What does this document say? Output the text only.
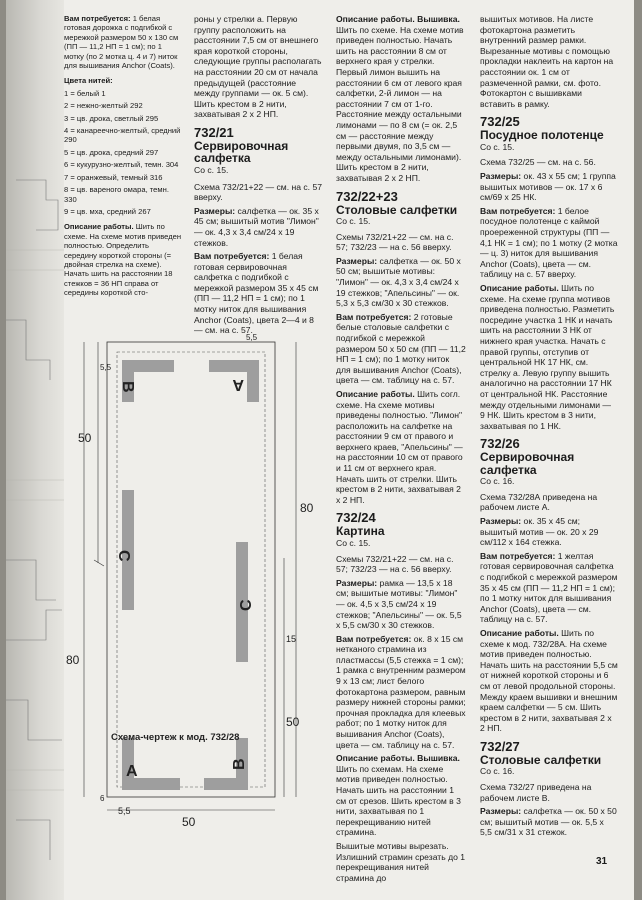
Вам потребуется: 1 белая готовая дорожка с подгибкой с мережкой размером 50 х 130 см (ПП — 11,2 НП = 1 см); по 1 мотку (по 2 мотка ц. 4 и 7) ниток для вышивания Anchor (Coats).

Цвета нитей:

1 = белый 1

2 = нежно-желтый 292

3 = цв. дрока, светлый 295

4 = канареечно-желтый, средний 290

5 = цв. дрока, средний 297

6 = кукурузно-желтый, темн. 304

7 = оранжевый, темный 316

8 = цв. вареного омара, темн. 330

9 = цв. мха, средний 267

Описание работы. Шить по схеме. На схеме мотив приведен полностью. Определить середину короткой стороны (= двойная стрелка на схеме). Начать шить на расстоянии 18 стежков = 36 НП справа от середины короткой сто-

роны у стрелки а. Первую группу расположить на расстоянии 7,5 см от внешнего края короткой стороны, следующие группы располагать на расстоянии 20 см от начала предыдущей (расстояние между группами — ок. 5 см). Шить крестом в 2 нити, захватывая 2 х 2 НП.

732/21
Сервировочная салфетка

Со с. 15.

Схема 732/21+22 — см. на с. 57 вверху.

Размеры: салфетка — ок. 35 х 45 см; вышитый мотив "Лимон" — ок. 4,3 х 3,4 см/24 х 19 стежков.

Вам потребуется: 1 белая готовая сервировочная салфетка с подгибкой с мережкой размером 35 х 45 см (ПП — 11,2 НП = 1 см); по 1 мотку ниток для вышивания Anchor (Coats), цвета 2—4 и 8 — см. на с. 57.

Описание работы. Вышивка. Шить по схеме. На схеме мотив приведен полностью. Начать шить на расстоянии 8 см от верхнего края у стрелки. Первый лимон вышить на расстоянии 6 см от левого края салфетки, 2-й лимон — на расстоянии 7 см от 1-го. Расстояние между остальными лимонами — по 8 см (= ок. 2,5 см — расстояние между первыми двумя, по 3,5 см — между остальными лимонами). Шить крестом в 2 нити, захватывая 2 х 2 НП.

732/22+23
Столовые салфетки

Со с. 15.

Схемы 732/21+22 — см. на с. 57; 732/23 — на с. 56 вверху.

Размеры: салфетка — ок. 50 х 50 см; вышитые мотивы: "Лимон" — ок. 4,3 х 3,4 см/24 х 19 стежков; "Апельсины" — ок. 5,3 х 5,3 см/30 х 30 стежков.

Вам потребуется: 2 готовые белые столовые салфетки с подгибкой с мережкой размером 50 х 50 см (ПП — 11,2 НП = 1 см); по 1 мотку ниток для вышивания Anchor (Coats), цвета — см. таблицу на с. 57.

Описание работы. Шить согл. схеме. На схеме мотивы приведены полностью. "Лимон" расположить на салфетке на расстоянии 9 см от правого и верхнего краев, "Апельсины" — на расстоянии 10 см от правого и 11 см от верхнего края. Начать шить от стрелки. Шить крестом в 2 нити, захватывая 2 х 2 НП.

732/24
Картина

Со с. 15.

Схемы 732/21+22 — см. на с. 57; 732/23 — на с. 56 вверху.

Размеры: рамка — 13,5 х 18 см; вышитые мотивы: "Лимон" — ок. 4,5 х 3,5 см/24 х 19 стежков; "Апельсины" — ок. 5,5 х 5,5 см/30 х 30 стежков.

Вам потребуется: ок. 8 х 15 см неткaного стрaмина из пластмассы (5,5 стежка = 1 см); 1 рамка с внутренним размером 9 х 13 см; лист белого фотокартона размером, равным размеру нижней стороны рамки; прочная прокладка для клеевых работ; по 1 мотку ниток для вышивания Anchor (Coats), цвета — см. таблицу на с. 57.

Описание работы. Вышивка. Шить по схемам. На схеме мотив приведен полностью. Начать шить на расстоянии 1 см от срезов. Шить крестом в 3 нити, захватывая по 1 перекрещиванию нитей страмина.

Вышитые мотивы вырезать. Излишний страмин срезать до 1 перекрещивания нитей страмина до

вышитых мотивов. На листе фотокартона разметить внутренний размер рамки. Вырезанные мотивы с помощью прокладки наклеить на картон на расстоянии ок. 1 см от размеченной рамки, см. фото. Фотокартон с вышивками вставить в рамку.

732/25
Посудное полотенце

Со с. 15.

Схема 732/25 — см. на с. 56.

Размеры: ок. 43 х 55 см; 1 группа вышитых мотивов — ок. 17 х 6 см/69 х 25 НК.

Вам потребуется: 1 белое посудное полотенце с каймой проереженной структуры (ПП — 4,1 НК = 1 см); по 1 мотку (2 мотка — ц. 3) ниток для вышивания Anchor (Coats), цвета — см. таблицу на с. 57 вверху.

Описание работы. Шить по схеме. На схеме группа мотивов приведена полностью. Разметить посредине участка 1 НК и начать шить на расстоянии 3 НК от нижнего края участка. Начать с правой группы, отступив от центральной НК 17 НК, см. стрелку а. Левую группу вышить аналогично на расстоянии 17 НК от центральной НК. Расстояние между отдельными лимонами — 9 НК. Шить крестом в 3 нити, захватывая по 1 НК.

732/26
Сервировочная салфетка

Со с. 16.

Схема 732/28А приведена на рабочем листе А.

Размеры: ок. 35 х 45 см; вышитый мотив — ок. 20 х 29 см/112 х 164 стежка.

Вам потребуется: 1 желтая готовая сервировочная салфетка с подгибкой с мережкой размером 35 х 45 см (ПП — 11,2 НП = 1 см); по 1 мотку ниток для вышивания Anchor (Coats), цвета — см. таблицу на с. 57.

Описание работы. Шить по схеме к мод. 732/28А. На схеме мотив приведен полностью. Начать шить на расстоянии 5,5 см от нижней короткой стороны и 6 см от левой продольной стороны. Между краем вышивки и внешним краем салфетки — 5 см. Шить крестом в 2 нити, захватывая 2 х 2 НП.

732/27
Столовые салфетки

Со с. 16.

Схема 732/27 приведена на рабочем листе В.

Размеры: салфетка — ок. 50 х 50 см; вышитый мотив — ок. 5,5 х 5,5 см/31 х 31 стежок.

B	A
C
C
A	B
Схема-чертеж к мод. 732/28
5,5
5,5
50
80
80
15
50
6
5,5
50
31
